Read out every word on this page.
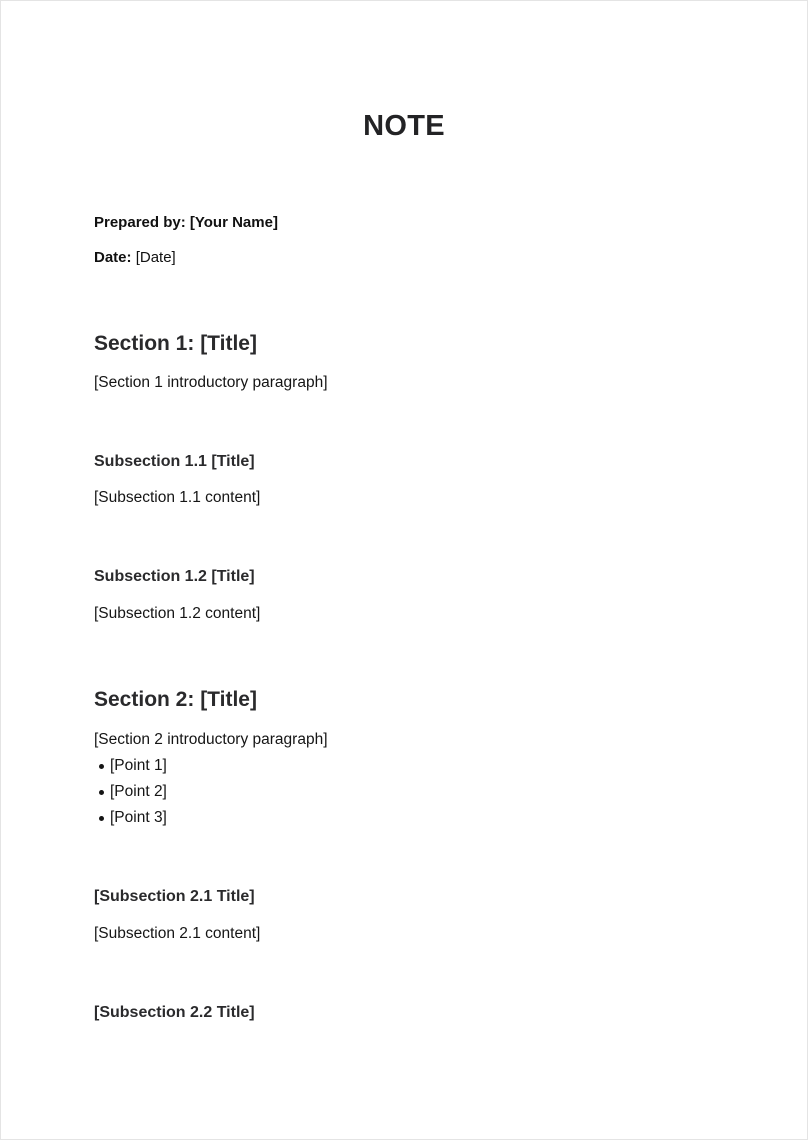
NOTE

Prepared by: [Your Name]

Date: [Date]

Section 1: [Title]

[Section 1 introductory paragraph]

Subsection 1.1 [Title]

[Subsection 1.1 content]

Subsection 1.2 [Title]

[Subsection 1.2 content]

Section 2: [Title]

[Section 2 introductory paragraph]

[Point 1]
[Point 2]
[Point 3]
[Subsection 2.1 Title]

[Subsection 2.1 content]

[Subsection 2.2 Title]
